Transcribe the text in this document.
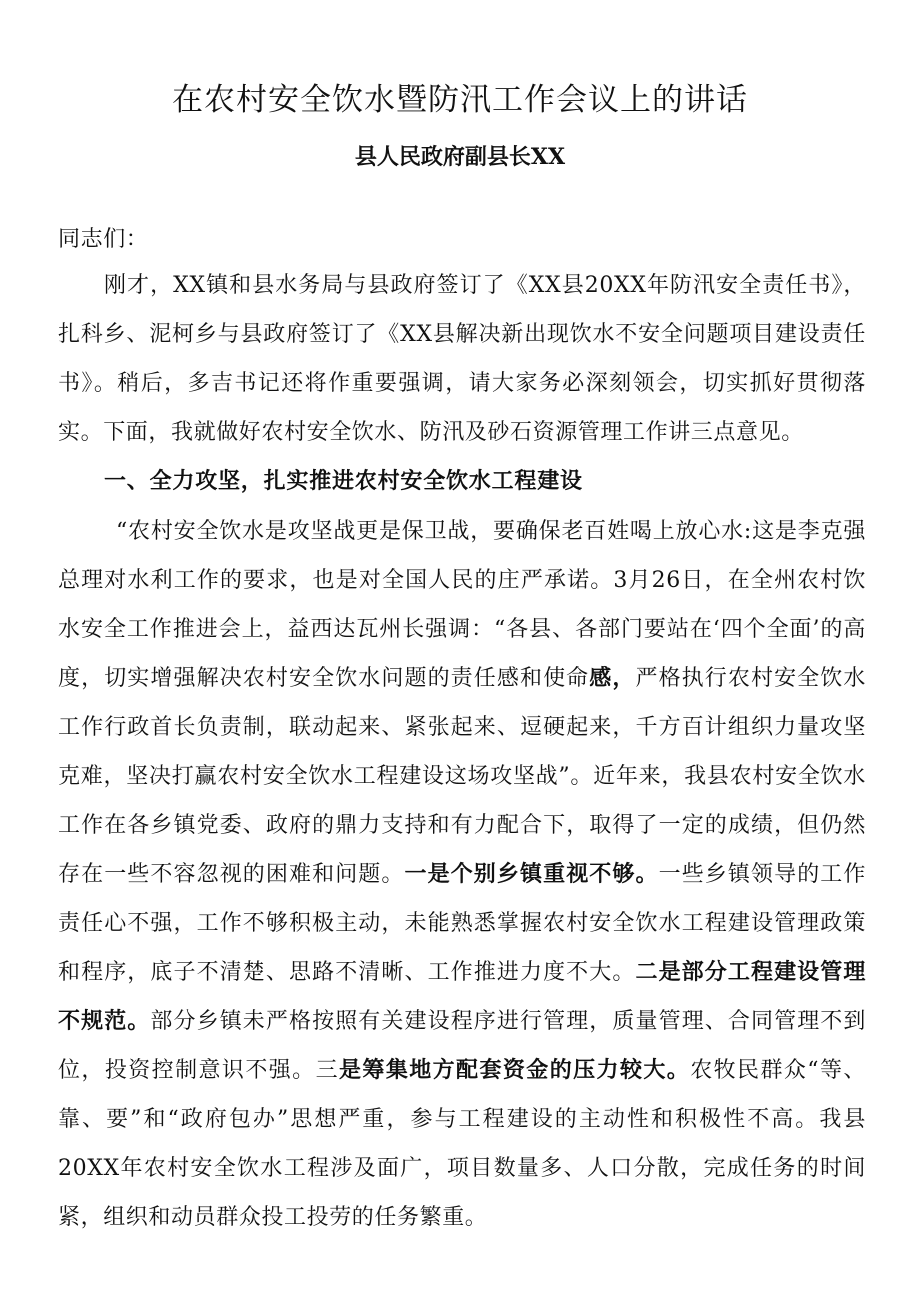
在农村安全饮水暨防汛工作会议上的讲话
县人民政府副县长XX

同志们：

刚才，XX镇和县水务局与县政府签订了《XX县20XX年防汛安全责任书》，扎科乡、泥柯乡与县政府签订了《XX县解决新出现饮水不安全问题项目建设责任书》。稍后，多吉书记还将作重要强调，请大家务必深刻领会，切实抓好贯彻落实。下面，我就做好农村安全饮水、防汛及砂石资源管理工作讲三点意见。

一、全力攻坚，扎实推进农村安全饮水工程建设

“农村安全饮水是攻坚战更是保卫战，要确保老百姓喝上放心水:这是李克强总理对水利工作的要求，也是对全国人民的庄严承诺。3月26日，在全州农村饮水安全工作推进会上，益西达瓦州长强调：“各县、各部门要站在‘四个全面’的高度，切实增强解决农村安全饮水问题的责任感和使命感，严格执行农村安全饮水工作行政首长负责制，联动起来、紧张起来、逗硬起来，千方百计组织力量攻坚克难，坚决打赢农村安全饮水工程建设这场攻坚战”。近年来，我县农村安全饮水工作在各乡镇党委、政府的鼎力支持和有力配合下，取得了一定的成绩，但仍然存在一些不容忽视的困难和问题。一是个别乡镇重视不够。一些乡镇领导的工作责任心不强，工作不够积极主动，未能熟悉掌握农村安全饮水工程建设管理政策和程序，底子不清楚、思路不清晰、工作推进力度不大。二是部分工程建设管理不规范。部分乡镇未严格按照有关建设程序进行管理，质量管理、合同管理不到位，投资控制意识不强。三是筹集地方配套资金的压力较大。农牧民群众“等、靠、要”和“政府包办”思想严重，参与工程建设的主动性和积极性不高。我县20XX年农村安全饮水工程涉及面广，项目数量多、人口分散，完成任务的时间紧，组织和动员群众投工投劳的任务繁重。
